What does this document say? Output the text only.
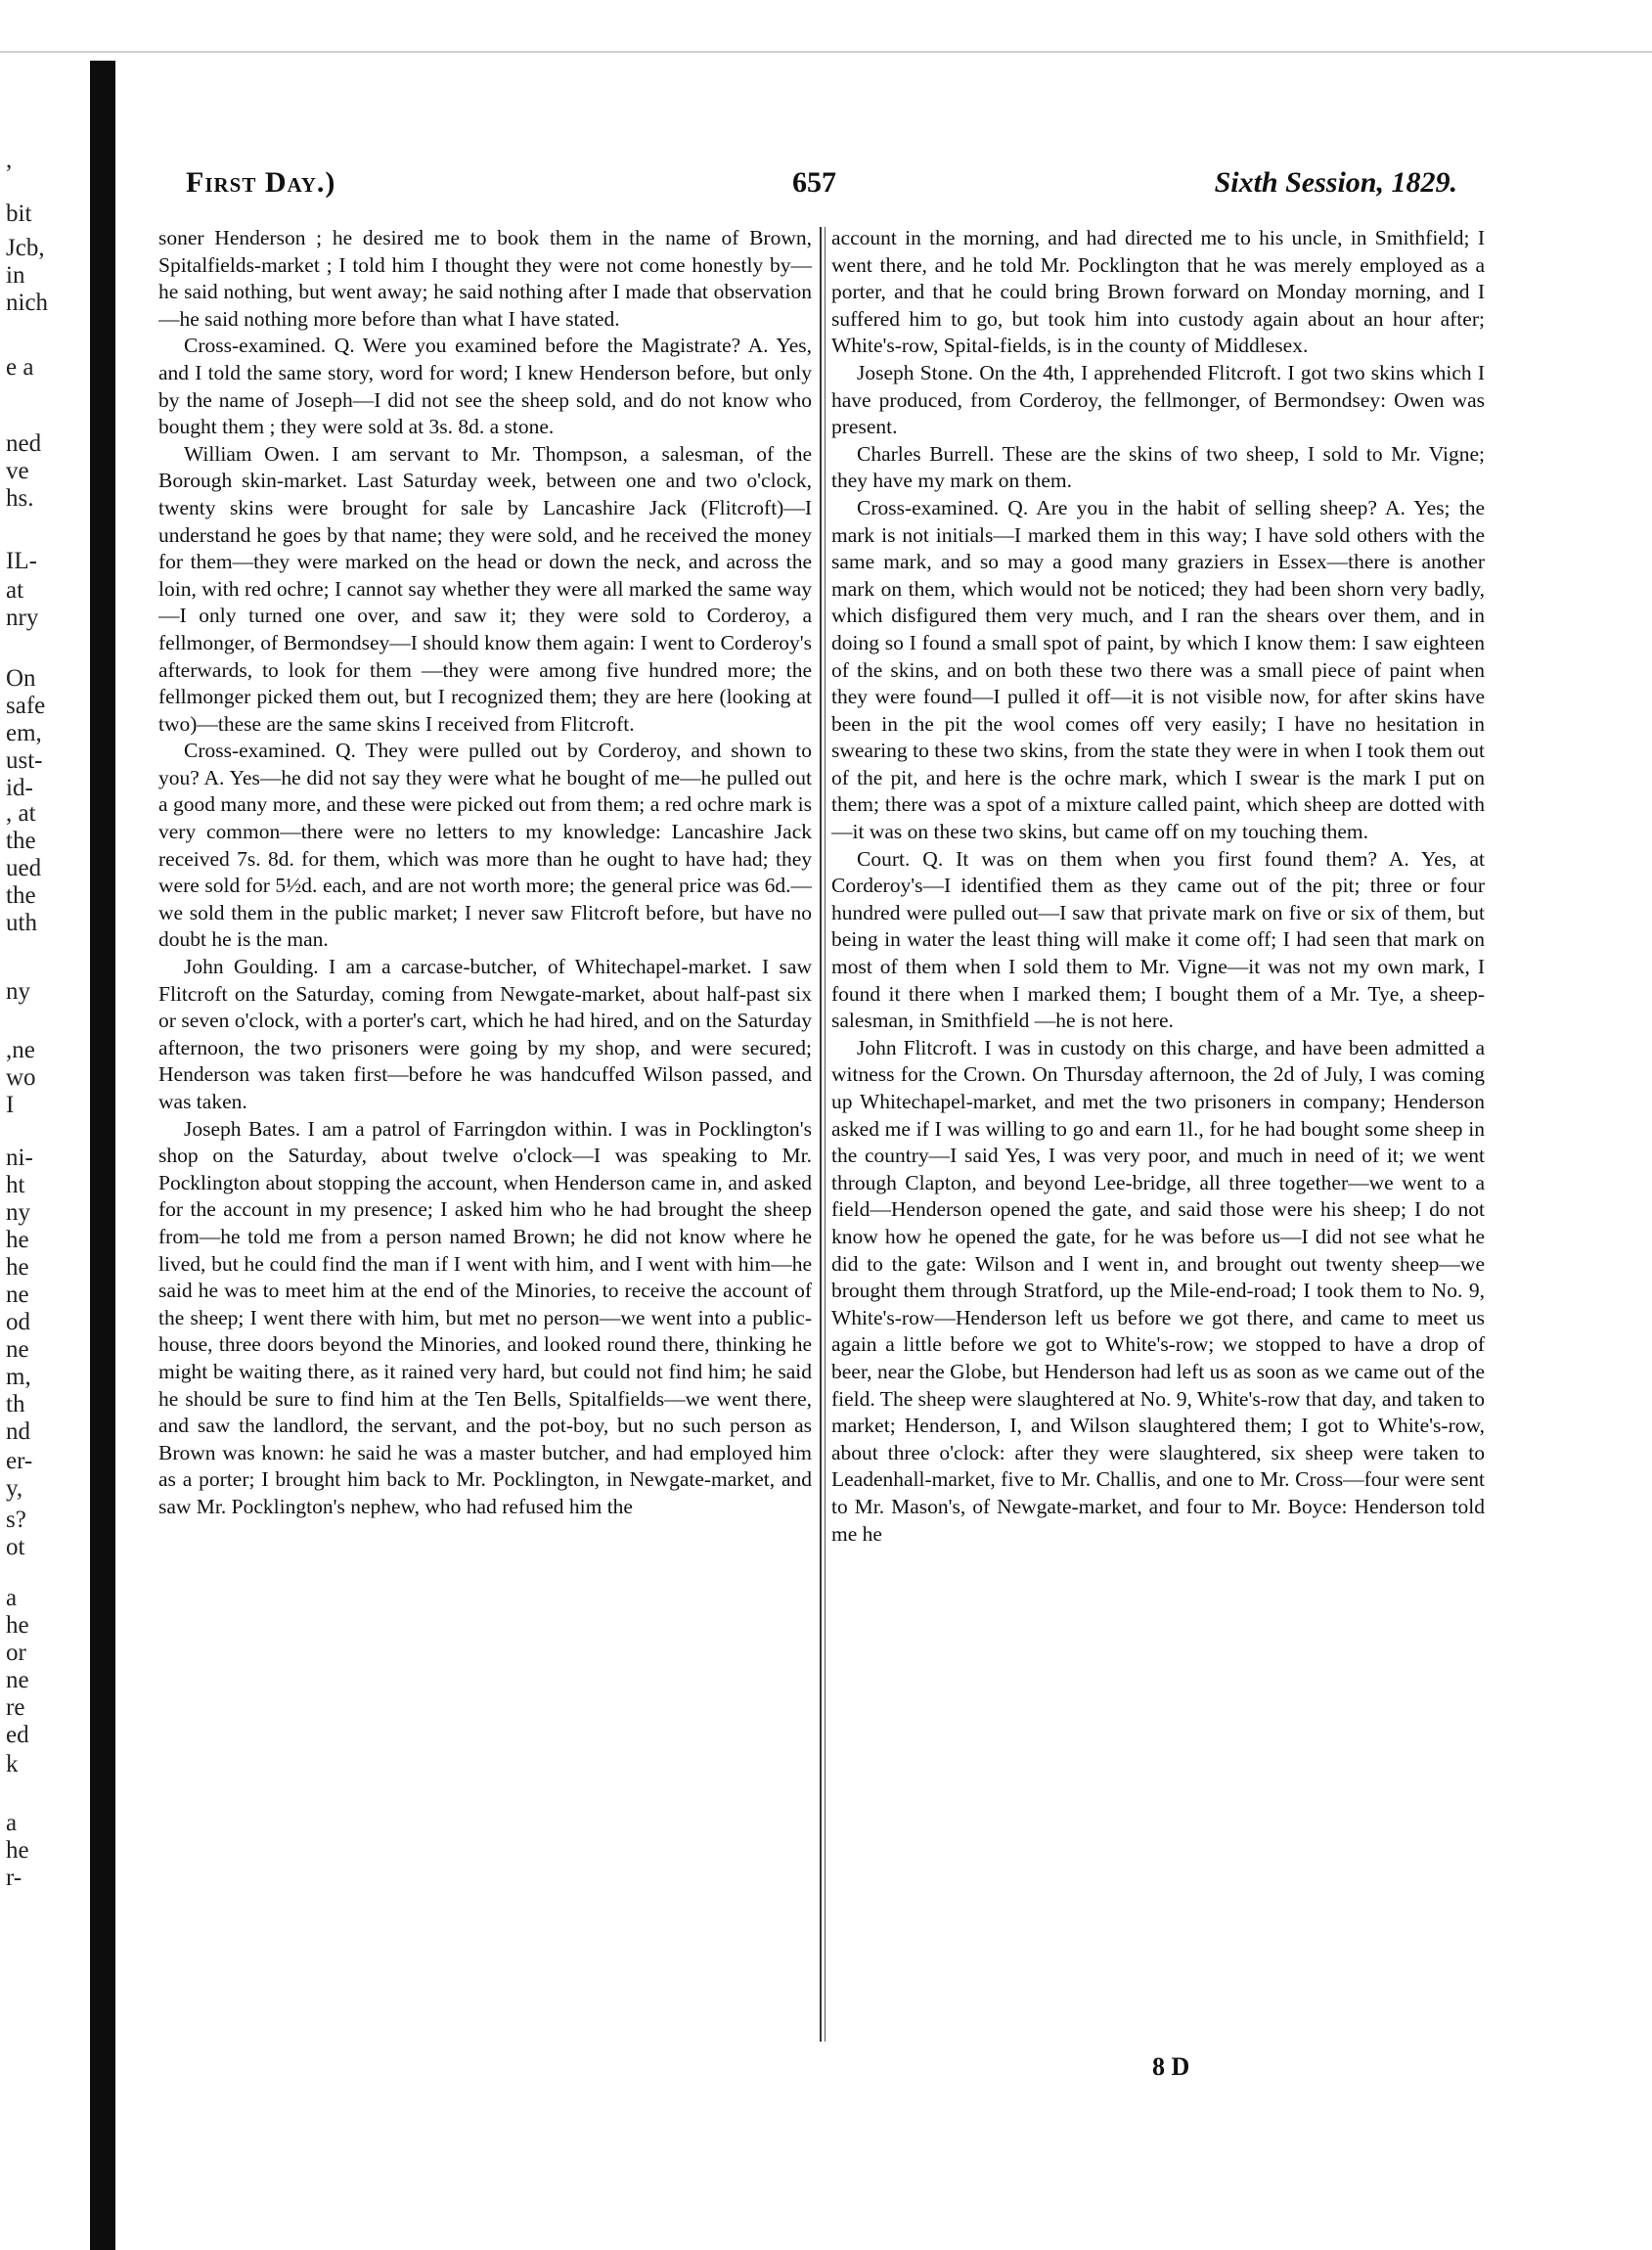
,
bit
Jcb,
in
nich
e a
ned
ve
hs.
IL-
at
nry
On
safe
em,
ust-
id-
, at
the
ued
the
uth
ny
,ne
wo
I
ni-
ht
ny
he
he
ne
od
ne
m,
th
nd
er-
y,
s?
ot
a
he
or
ne
re
ed
k
a
he
r-
First Day.)	657	Sixth Session, 1829.

soner Henderson ; he desired me to book them in the name of Brown, Spitalfields-market ; I told him I thought they were not come honestly by—he said nothing, but went away; he said nothing after I made that observation—he said nothing more before than what I have stated.

Cross-examined. Q. Were you examined before the Magistrate? A. Yes, and I told the same story, word for word; I knew Henderson before, but only by the name of Joseph—I did not see the sheep sold, and do not know who bought them ; they were sold at 3s. 8d. a stone.

William Owen. I am servant to Mr. Thompson, a salesman, of the Borough skin-market. Last Saturday week, between one and two o'clock, twenty skins were brought for sale by Lancashire Jack (Flitcroft)—I understand he goes by that name; they were sold, and he received the money for them—they were marked on the head or down the neck, and across the loin, with red ochre; I cannot say whether they were all marked the same way—I only turned one over, and saw it; they were sold to Corderoy, a fellmonger, of Bermondsey—I should know them again: I went to Corderoy's afterwards, to look for them —they were among five hundred more; the fellmonger picked them out, but I recognized them; they are here (looking at two)—these are the same skins I received from Flitcroft.

Cross-examined. Q. They were pulled out by Corderoy, and shown to you? A. Yes—he did not say they were what he bought of me—he pulled out a good many more, and these were picked out from them; a red ochre mark is very common—there were no letters to my knowledge: Lancashire Jack received 7s. 8d. for them, which was more than he ought to have had; they were sold for 5½d. each, and are not worth more; the general price was 6d.—we sold them in the public market; I never saw Flitcroft before, but have no doubt he is the man.

John Goulding. I am a carcase-butcher, of Whitechapel-market. I saw Flitcroft on the Saturday, coming from Newgate-market, about half-past six or seven o'clock, with a porter's cart, which he had hired, and on the Saturday afternoon, the two prisoners were going by my shop, and were secured; Henderson was taken first—before he was handcuffed Wilson passed, and was taken.

Joseph Bates. I am a patrol of Farringdon within. I was in Pocklington's shop on the Saturday, about twelve o'clock—I was speaking to Mr. Pocklington about stopping the account, when Henderson came in, and asked for the account in my presence; I asked him who he had brought the sheep from—he told me from a person named Brown; he did not know where he lived, but he could find the man if I went with him, and I went with him—he said he was to meet him at the end of the Minories, to receive the account of the sheep; I went there with him, but met no person—we went into a public-house, three doors beyond the Minories, and looked round there, thinking he might be waiting there, as it rained very hard, but could not find him; he said he should be sure to find him at the Ten Bells, Spitalfields—we went there, and saw the landlord, the servant, and the pot-boy, but no such person as Brown was known: he said he was a master butcher, and had employed him as a porter; I brought him back to Mr. Pocklington, in Newgate-market, and saw Mr. Pocklington's nephew, who had refused him the

account in the morning, and had directed me to his uncle, in Smithfield; I went there, and he told Mr. Pocklington that he was merely employed as a porter, and that he could bring Brown forward on Monday morning, and I suffered him to go, but took him into custody again about an hour after; White's-row, Spital-fields, is in the county of Middlesex.

Joseph Stone. On the 4th, I apprehended Flitcroft. I got two skins which I have produced, from Corderoy, the fellmonger, of Bermondsey: Owen was present.

Charles Burrell. These are the skins of two sheep, I sold to Mr. Vigne; they have my mark on them.

Cross-examined. Q. Are you in the habit of selling sheep? A. Yes; the mark is not initials—I marked them in this way; I have sold others with the same mark, and so may a good many graziers in Essex—there is another mark on them, which would not be noticed; they had been shorn very badly, which disfigured them very much, and I ran the shears over them, and in doing so I found a small spot of paint, by which I know them: I saw eighteen of the skins, and on both these two there was a small piece of paint when they were found—I pulled it off—it is not visible now, for after skins have been in the pit the wool comes off very easily; I have no hesitation in swearing to these two skins, from the state they were in when I took them out of the pit, and here is the ochre mark, which I swear is the mark I put on them; there was a spot of a mixture called paint, which sheep are dotted with—it was on these two skins, but came off on my touching them.

Court. Q. It was on them when you first found them? A. Yes, at Corderoy's—I identified them as they came out of the pit; three or four hundred were pulled out—I saw that private mark on five or six of them, but being in water the least thing will make it come off; I had seen that mark on most of them when I sold them to Mr. Vigne—it was not my own mark, I found it there when I marked them; I bought them of a Mr. Tye, a sheep-salesman, in Smithfield —he is not here.

John Flitcroft. I was in custody on this charge, and have been admitted a witness for the Crown. On Thursday afternoon, the 2d of July, I was coming up Whitechapel-market, and met the two prisoners in company; Henderson asked me if I was willing to go and earn 1l., for he had bought some sheep in the country—I said Yes, I was very poor, and much in need of it; we went through Clapton, and beyond Lee-bridge, all three together—we went to a field—Henderson opened the gate, and said those were his sheep; I do not know how he opened the gate, for he was before us—I did not see what he did to the gate: Wilson and I went in, and brought out twenty sheep—we brought them through Stratford, up the Mile-end-road; I took them to No. 9, White's-row—Henderson left us before we got there, and came to meet us again a little before we got to White's-row; we stopped to have a drop of beer, near the Globe, but Henderson had left us as soon as we came out of the field. The sheep were slaughtered at No. 9, White's-row that day, and taken to market; Henderson, I, and Wilson slaughtered them; I got to White's-row, about three o'clock: after they were slaughtered, six sheep were taken to Leadenhall-market, five to Mr. Challis, and one to Mr. Cross—four were sent to Mr. Mason's, of Newgate-market, and four to Mr. Boyce: Henderson told me he

8 D
